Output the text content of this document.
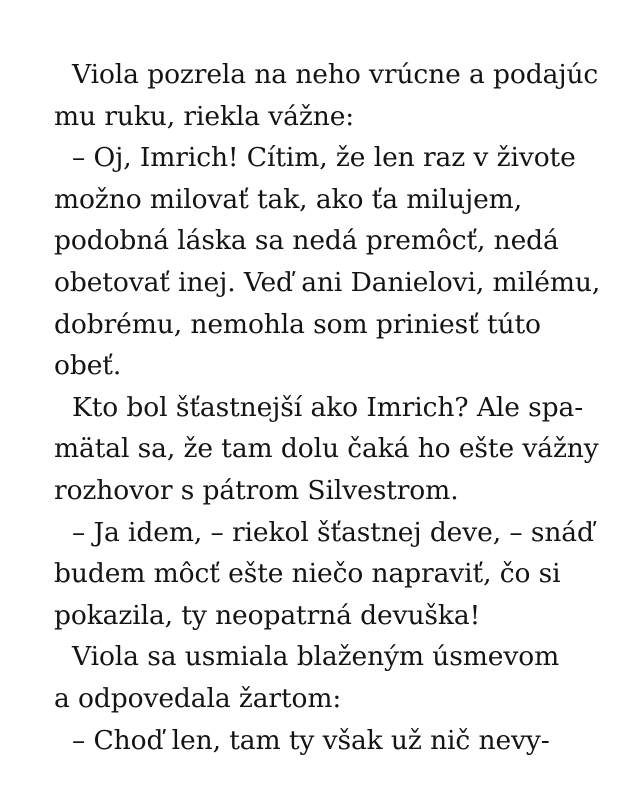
Viola pozrela na neho vrúcne a podajúc
mu ruku, riekla vážne:
– Oj, Imrich! Cítim, že len raz v živote
možno milovať tak, ako ťa milujem,
podobná láska sa nedá premôcť, nedá
obetovať inej. Veď ani Danielovi, milému,
dobrému, nemohla som priniesť túto
obeť.
Kto bol šťastnejší ako Imrich? Ale spa-
mätal sa, že tam dolu čaká ho ešte vážny
rozhovor s pátrom Silvestrom.
– Ja idem, – riekol šťastnej deve, – snáď
budem môcť ešte niečo napraviť, čo si
pokazila, ty neopatrná devuška!
Viola sa usmiala blaženým úsmevom
a odpovedala žartom:
– Choď len, tam ty však už nič nevy-
